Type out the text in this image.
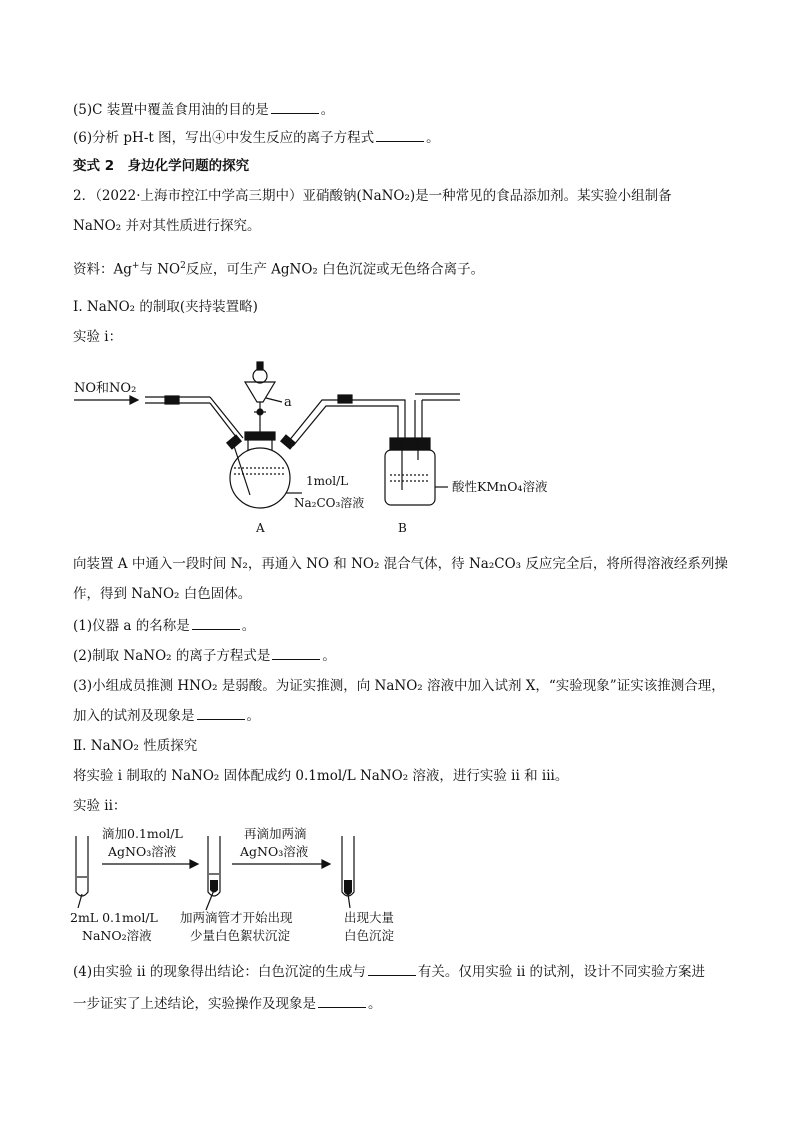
(5)C 装置中覆盖食用油的目的是	。
(6)分析 pH-t 图，写出④中发生反应的离子方程式	。
变式 2　身边化学问题的探究
2．（2022·上海市控江中学高三期中）亚硝酸钠(NaNO₂)是一种常见的食品添加剂。某实验小组制备
NaNO₂ 并对其性质进行探究。
资料：Ag+与 $NO^2$反应，可生产 AgNO₂ 白色沉淀或无色络合离子。
Ⅰ. NaNO₂ 的制取(夹持装置略)
实验 i：
NO和NO₂
a
1mol/L
Na₂CO₃溶液
酸性KMnO₄溶液
A	B
向装置 A 中通入一段时间 N₂，再通入 NO 和 NO₂ 混合气体，待 Na₂CO₃ 反应完全后，将所得溶液经系列操
作，得到 NaNO₂ 白色固体。
(1)仪器 a 的名称是	。
(2)制取 NaNO₂ 的离子方程式是	。
(3)小组成员推测 HNO₂ 是弱酸。为证实推测，向 NaNO₂ 溶液中加入试剂 X，“实验现象”证实该推测合理，
加入的试剂及现象是	。
Ⅱ. NaNO₂ 性质探究
将实验 i 制取的 NaNO₂ 固体配成约 0.1mol/L NaNO₂ 溶液，进行实验 ii 和 iii。
实验 ii：
滴加0.1mol/L
AgNO₃溶液
再滴加两滴
AgNO₃溶液
2mL 0.1mol/L
NaNO₂溶液
加两滴管才开始出现
少量白色絮状沉淀
出现大量
白色沉淀
(4)由实验 ii 的现象得出结论：白色沉淀的生成与	有关。仅用实验 ii 的试剂，设计不同实验方案进
一步证实了上述结论，实验操作及现象是	。
